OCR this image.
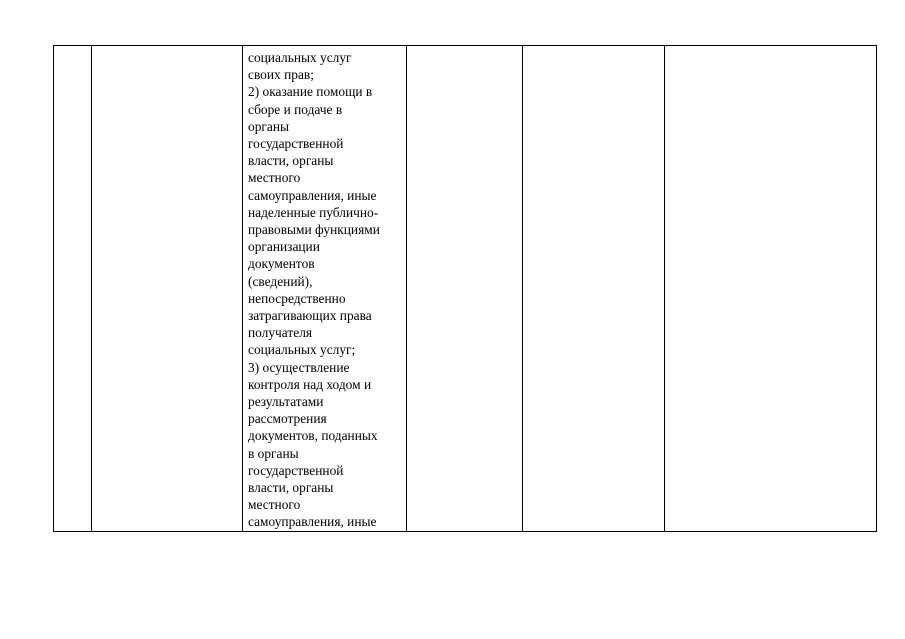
социальных услуг
своих прав;
2) оказание помощи в
сборе и подаче в
органы
государственной
власти, органы
местного
самоуправления, иные
наделенные публично-
правовыми функциями
организации
документов
(сведений),
непосредственно
затрагивающих права
получателя
социальных услуг;
3) осуществление
контроля над ходом и
результатами
рассмотрения
документов, поданных
в органы
государственной
власти, органы
местного
самоуправления, иные
